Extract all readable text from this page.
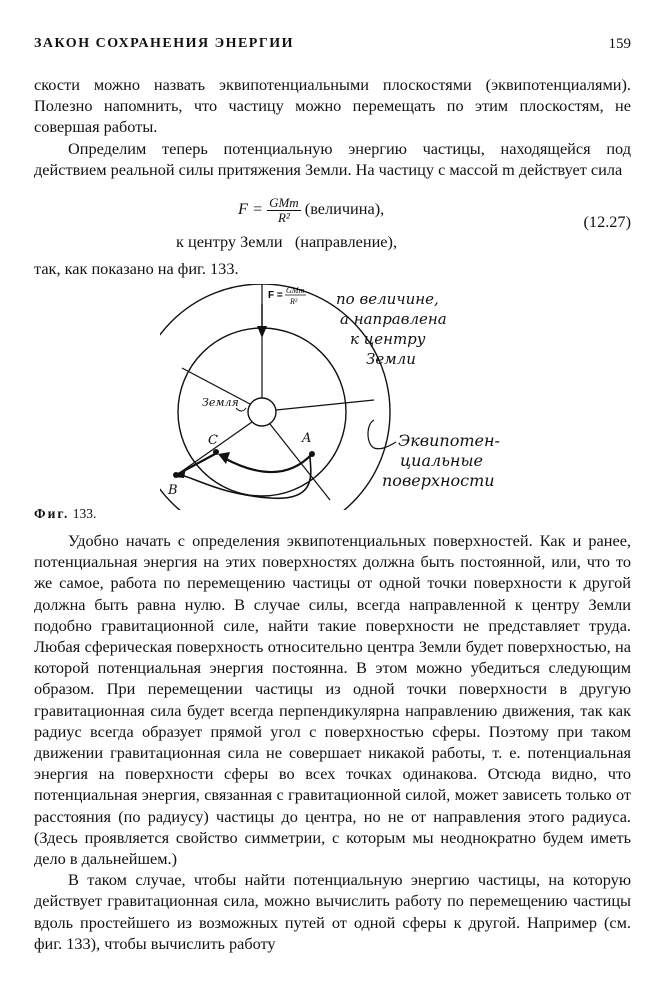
ЗАКОН СОХРАНЕНИЯ ЭНЕРГИИ	159

скости можно назвать эквипотенциальными плоскостями (эквипотенциалями). Полезно напомнить, что частицу можно перемещать по этим плоскостям, не совершая работы.

Определим теперь потенциальную энергию частицы, находящейся под действием реальной силы притяжения Земли. На частицу с массой m действует сила

$F = \frac{\text{GMm}}{\text{R²}}$ (величина),
(12.27)
к центру Земли   (направление),

так, как показано на фиг. 133.

A
B
C
Земля
F = GMm
R²	по величине,
а направлена
к центру
Земли
Эквипотен-
циальные
поверхности
Фиг. 133.

Удобно начать с определения эквипотенциальных поверхностей. Как и ранее, потенциальная энергия на этих поверхностях должна быть постоянной, или, что то же самое, работа по перемещению частицы от одной точки поверхности к другой должна быть равна нулю. В случае силы, всегда направленной к центру Земли подобно гравитационной силе, найти такие поверхности не представляет труда. Любая сферическая поверхность относительно центра Земли будет поверхностью, на которой потенциальная энергия постоянна. В этом можно убедиться следующим образом. При перемещении частицы из одной точки поверхности в другую гравитационная сила будет всегда перпендикулярна направлению движения, так как радиус всегда образует прямой угол с поверхностью сферы. Поэтому при таком движении гравитационная сила не совершает никакой работы, т. е. потенциальная энергия на поверхности сферы во всех точках одинакова. Отсюда видно, что потенциальная энергия, связанная с гравитационной силой, может зависеть только от расстояния (по радиусу) частицы до центра, но не от направления этого радиуса. (Здесь проявляется свойство симметрии, с которым мы неоднократно будем иметь дело в дальнейшем.)

В таком случае, чтобы найти потенциальную энергию частицы, на которую действует гравитационная сила, можно вычислить работу по перемещению частицы вдоль простейшего из возможных путей от одной сферы к другой. Например (см. фиг. 133), чтобы вычислить работу
